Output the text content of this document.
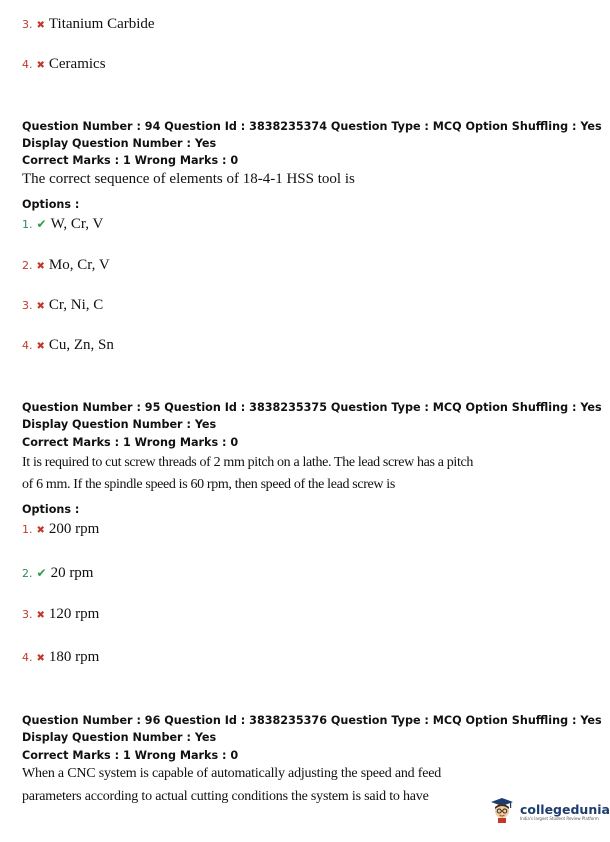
3. ✖ Titanium Carbide
4. ✖ Ceramics
Question Number : 94 Question Id : 3838235374 Question Type : MCQ Option Shuffling : Yes
Display Question Number : Yes
Correct Marks : 1 Wrong Marks : 0
The correct sequence of elements of 18-4-1 HSS tool is
Options :
1. ✔ W, Cr, V
2. ✖ Mo, Cr, V
3. ✖ Cr, Ni, C
4. ✖ Cu, Zn, Sn
Question Number : 95 Question Id : 3838235375 Question Type : MCQ Option Shuffling : Yes
Display Question Number : Yes
Correct Marks : 1 Wrong Marks : 0
It is required to cut screw threads of 2 mm pitch on a lathe. The lead screw has a pitch
of 6 mm. If the spindle speed is 60 rpm, then speed of the lead screw is
Options :
1. ✖ 200 rpm
2. ✔ 20 rpm
3. ✖ 120 rpm
4. ✖ 180 rpm
Question Number : 96 Question Id : 3838235376 Question Type : MCQ Option Shuffling : Yes
Display Question Number : Yes
Correct Marks : 1 Wrong Marks : 0
When a CNC system is capable of automatically adjusting the speed and feed
parameters according to actual cutting conditions the system is said to have
collegedunia
India's largest Student Review Platform
